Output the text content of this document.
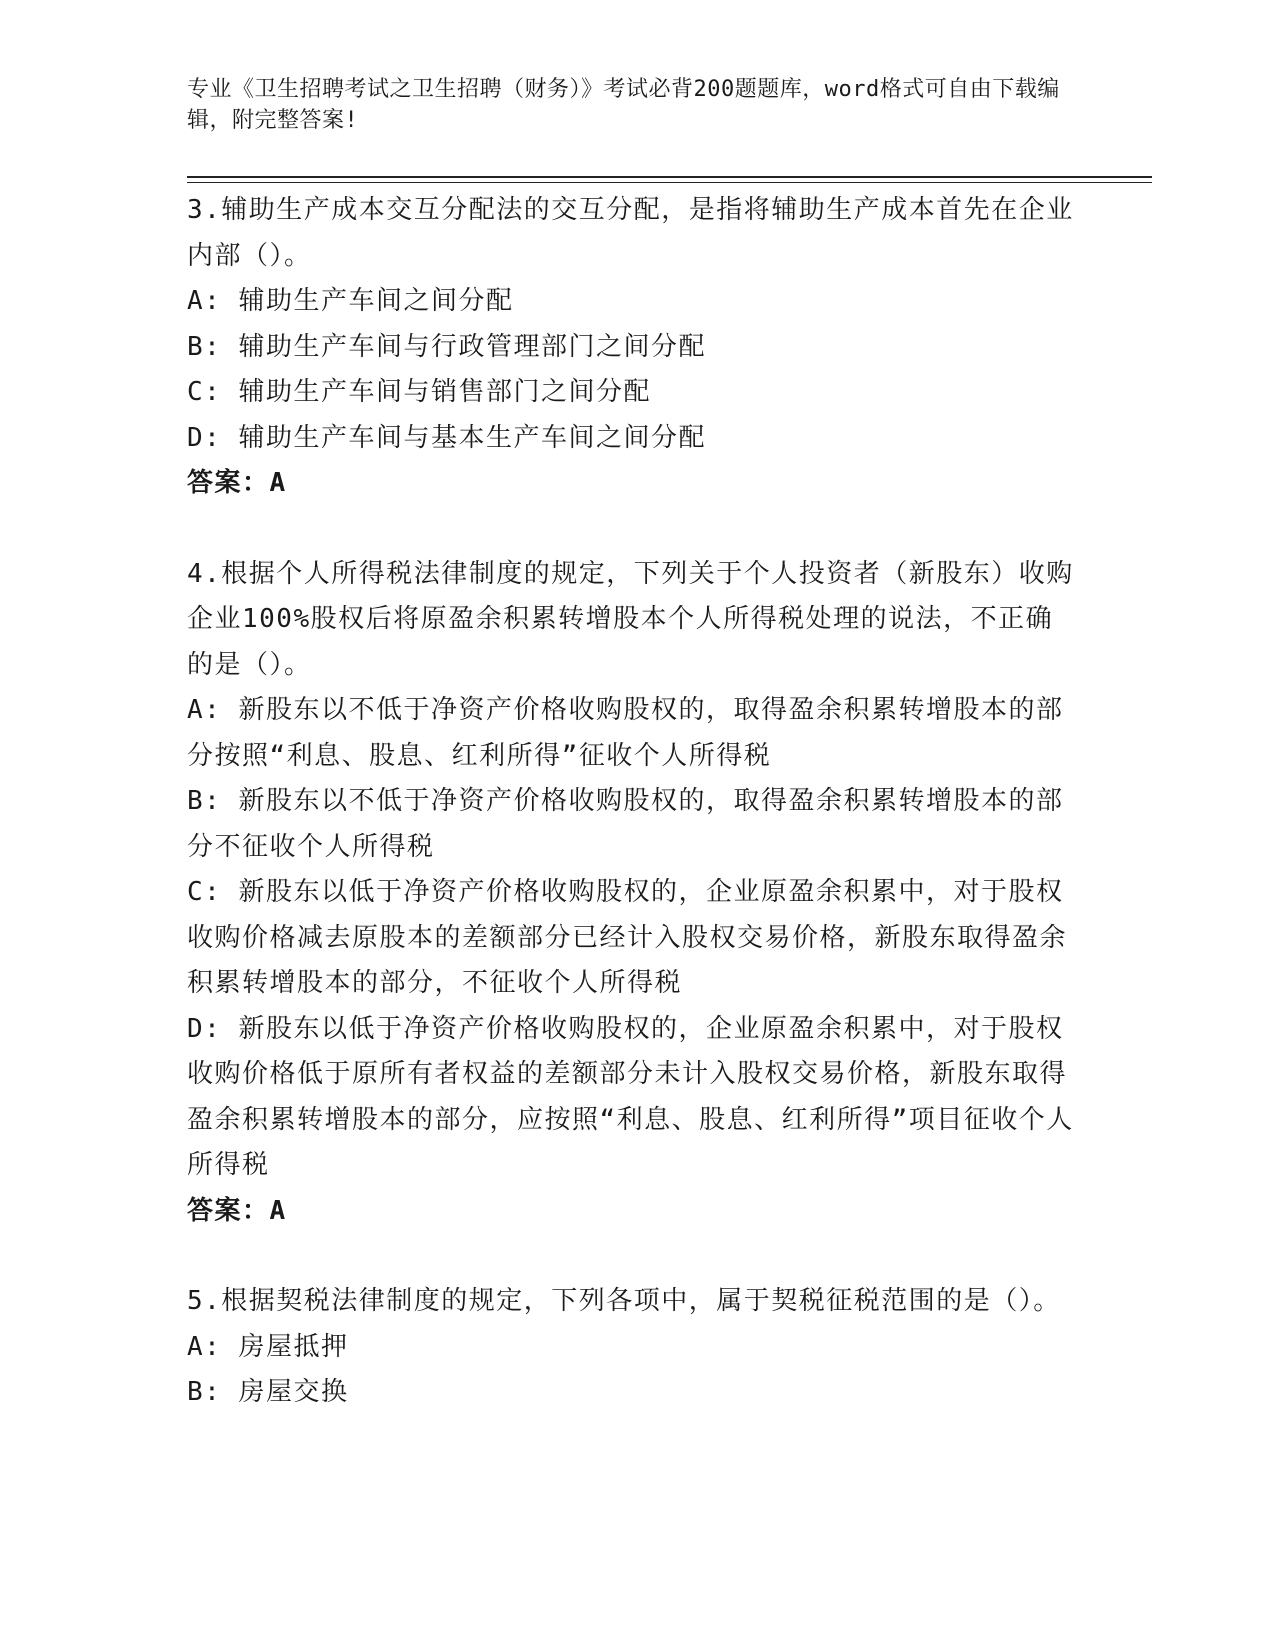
专业《卫生招聘考试之卫生招聘（财务）》考试必背200题题库，word格式可自由下载编辑，附完整答案!
3.辅助生产成本交互分配法的交互分配，是指将辅助生产成本首先在企业内部（）。
A: 辅助生产车间之间分配
B: 辅助生产车间与行政管理部门之间分配
C: 辅助生产车间与销售部门之间分配
D: 辅助生产车间与基本生产车间之间分配
答案：A
4.根据个人所得税法律制度的规定，下列关于个人投资者（新股东）收购企业100%股权后将原盈余积累转增股本个人所得税处理的说法，不正确的是（）。
A: 新股东以不低于净资产价格收购股权的，取得盈余积累转增股本的部分按照“利息、股息、红利所得”征收个人所得税
B: 新股东以不低于净资产价格收购股权的，取得盈余积累转增股本的部分不征收个人所得税
C: 新股东以低于净资产价格收购股权的，企业原盈余积累中，对于股权收购价格减去原股本的差额部分已经计入股权交易价格，新股东取得盈余积累转增股本的部分，不征收个人所得税
D: 新股东以低于净资产价格收购股权的，企业原盈余积累中，对于股权收购价格低于原所有者权益的差额部分未计入股权交易价格，新股东取得盈余积累转增股本的部分，应按照“利息、股息、红利所得”项目征收个人所得税
答案：A
5.根据契税法律制度的规定，下列各项中，属于契税征税范围的是（）。
A: 房屋抵押
B: 房屋交换
